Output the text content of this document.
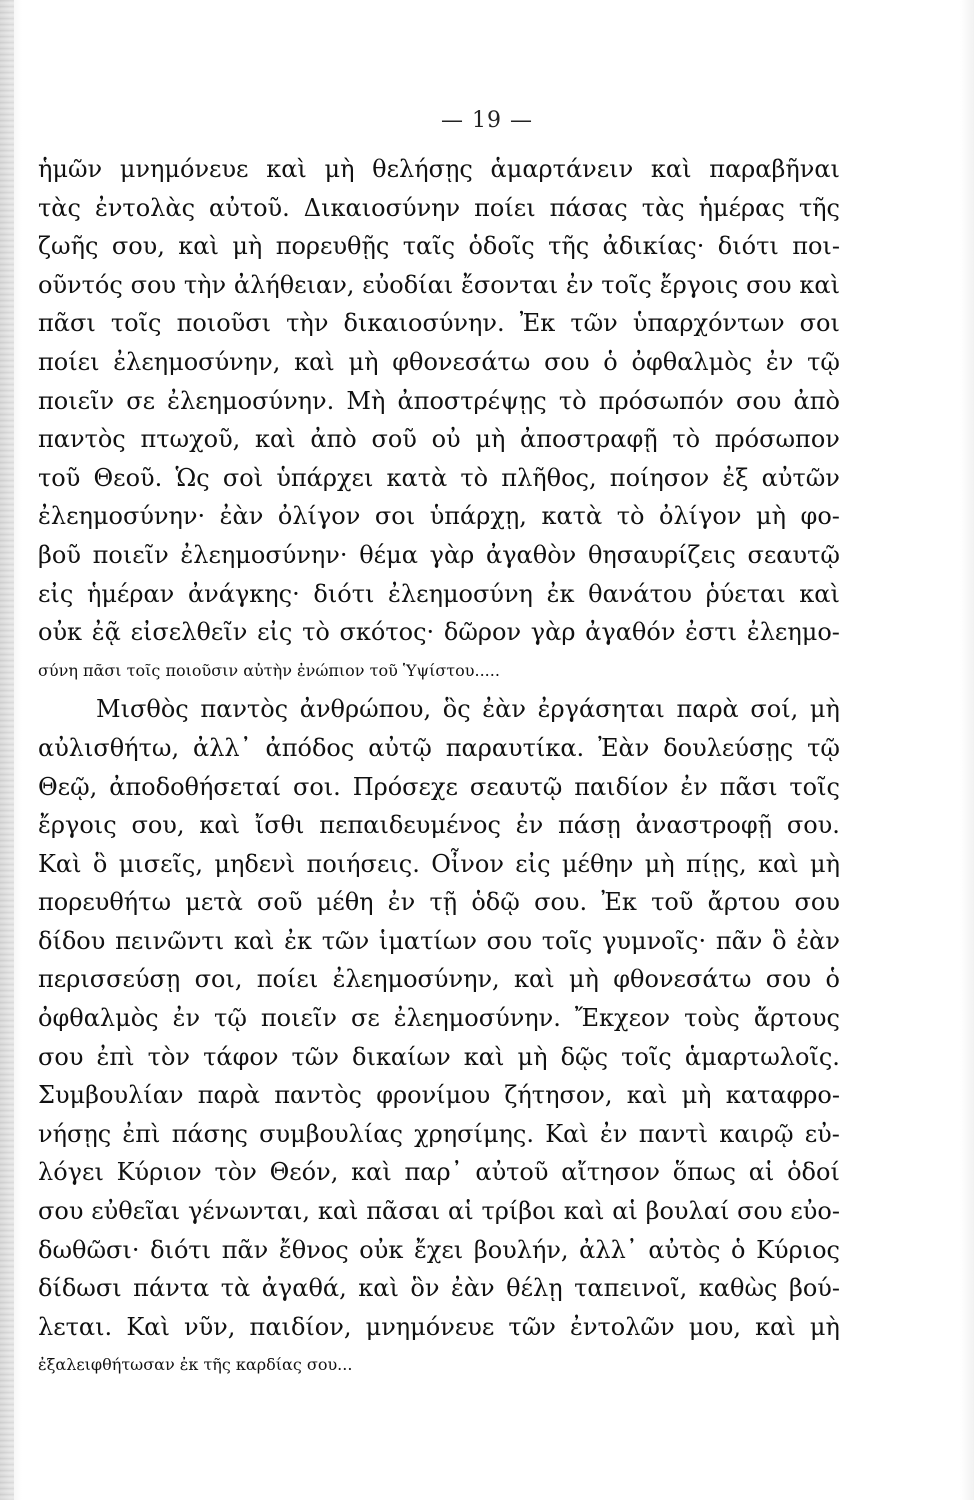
— 19 —
ἡμῶν μνημόνευε καὶ μὴ θελήσῃς ἁμαρτάνειν καὶ παραβῆναι
τὰς ἐντολὰς αὐτοῦ. Δικαιοσύνην ποίει πάσας τὰς ἡμέρας τῆς
ζωῆς σου, καὶ μὴ πορευθῇς ταῖς ὁδοῖς τῆς ἀδικίας· διότι ποι-
οῦντός σου τὴν ἀλήθειαν, εὐοδίαι ἔσονται ἐν τοῖς ἔργοις σου καὶ
πᾶσι τοῖς ποιοῦσι τὴν δικαιοσύνην. Ἐκ τῶν ὑπαρχόντων σοι
ποίει ἐλεημοσύνην, καὶ μὴ φθονεσάτω σου ὁ ὀφθαλμὸς ἐν τῷ
ποιεῖν σε ἐλεημοσύνην. Μὴ ἀποστρέψῃς τὸ πρόσωπόν σου ἀπὸ
παντὸς πτωχοῦ, καὶ ἀπὸ σοῦ οὐ μὴ ἀποστραφῇ τὸ πρόσωπον
τοῦ Θεοῦ. Ὡς σοὶ ὑπάρχει κατὰ τὸ πλῆθος, ποίησον ἐξ αὐτῶν
ἐλεημοσύνην· ἐὰν ὀλίγον σοι ὑπάρχῃ, κατὰ τὸ ὀλίγον μὴ φο-
βοῦ ποιεῖν ἐλεημοσύνην· θέμα γὰρ ἀγαθὸν θησαυρίζεις σεαυτῷ
εἰς ἡμέραν ἀνάγκης· διότι ἐλεημοσύνη ἐκ θανάτου ῥύεται καὶ
οὐκ ἐᾷ εἰσελθεῖν εἰς τὸ σκότος· δῶρον γὰρ ἀγαθόν ἐστι ἐλεημο-
σύνη πᾶσι τοῖς ποιοῦσιν αὐτὴν ἐνώπιον τοῦ Ὑψίστου.....
Μισθὸς παντὸς ἀνθρώπου, ὃς ἐὰν ἐργάσηται παρὰ σοί, μὴ
αὐλισθήτω, ἀλλ᾽ ἀπόδος αὐτῷ παραυτίκα. Ἐὰν δουλεύσῃς τῷ
Θεῷ, ἀποδοθήσεταί σοι. Πρόσεχε σεαυτῷ παιδίον ἐν πᾶσι τοῖς
ἔργοις σου, καὶ ἴσθι πεπαιδευμένος ἐν πάσῃ ἀναστροφῇ σου.
Καὶ ὃ μισεῖς, μηδενὶ ποιήσεις. Οἶνον εἰς μέθην μὴ πίῃς, καὶ μὴ
πορευθήτω μετὰ σοῦ μέθη ἐν τῇ ὁδῷ σου. Ἐκ τοῦ ἄρτου σου
δίδου πεινῶντι καὶ ἐκ τῶν ἱματίων σου τοῖς γυμνοῖς· πᾶν ὃ ἐὰν
περισσεύσῃ σοι, ποίει ἐλεημοσύνην, καὶ μὴ φθονεσάτω σου ὁ
ὀφθαλμὸς ἐν τῷ ποιεῖν σε ἐλεημοσύνην. Ἔκχεον τοὺς ἄρτους
σου ἐπὶ τὸν τάφον τῶν δικαίων καὶ μὴ δῷς τοῖς ἁμαρτωλοῖς.
Συμβουλίαν παρὰ παντὸς φρονίμου ζήτησον, καὶ μὴ καταφρο-
νήσῃς ἐπὶ πάσης συμβουλίας χρησίμης. Καὶ ἐν παντὶ καιρῷ εὐ-
λόγει Κύριον τὸν Θεόν, καὶ παρ᾽ αὐτοῦ αἴτησον ὅπως αἱ ὁδοί
σου εὐθεῖαι γένωνται, καὶ πᾶσαι αἱ τρίβοι καὶ αἱ βουλαί σου εὐο-
δωθῶσι· διότι πᾶν ἔθνος οὐκ ἔχει βουλήν, ἀλλ᾽ αὐτὸς ὁ Κύριος
δίδωσι πάντα τὰ ἀγαθά, καὶ ὃν ἐὰν θέλῃ ταπεινοῖ, καθὼς βού-
λεται. Καὶ νῦν, παιδίον, μνημόνευε τῶν ἐντολῶν μου, καὶ μὴ
ἐξαλειφθήτωσαν ἐκ τῆς καρδίας σου...
